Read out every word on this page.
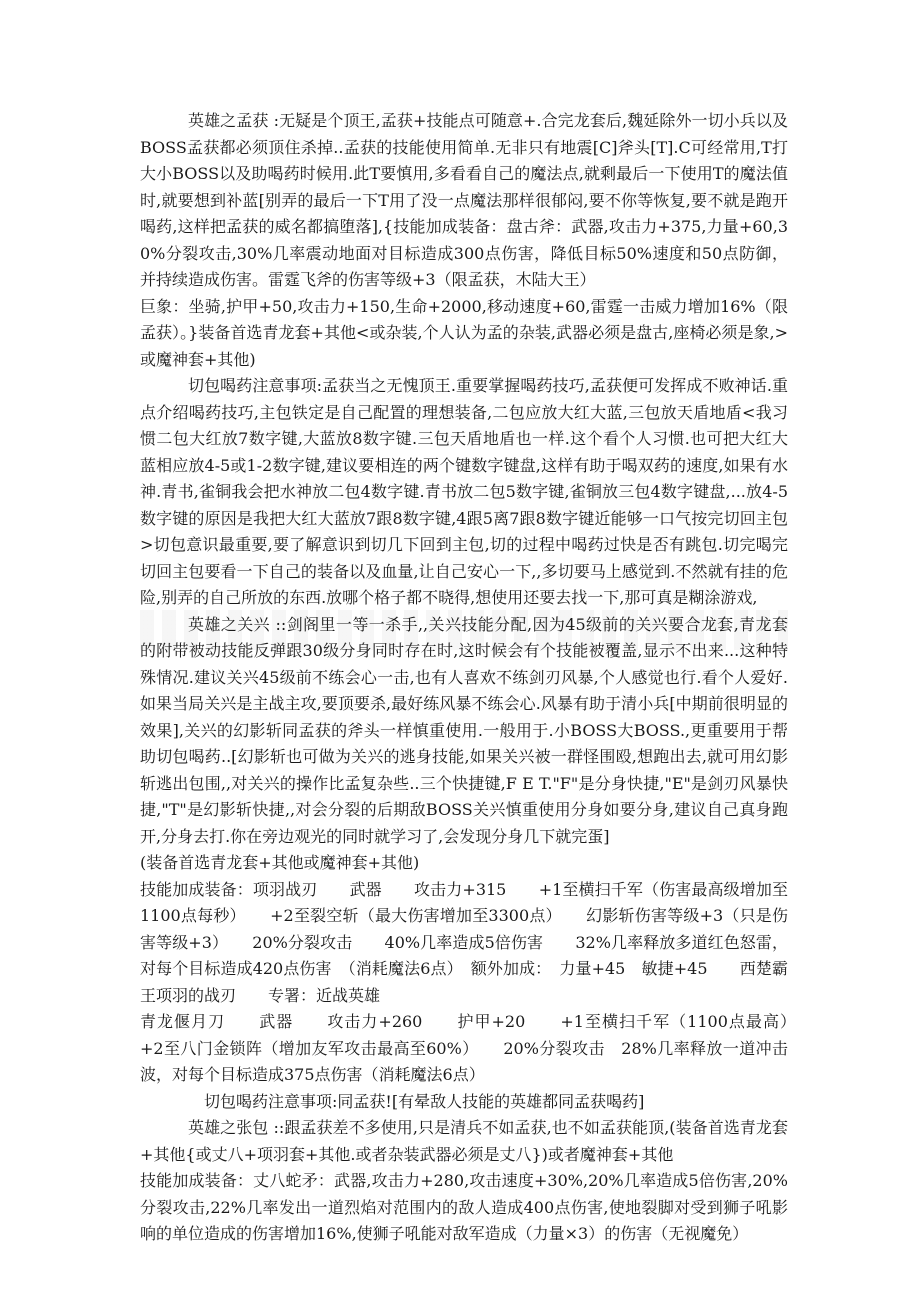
英雄之孟获 :无疑是个顶王,孟获+技能点可随意+.合完龙套后,魏延除外一切小兵以及BOSS孟获都必须顶住杀掉..孟获的技能使用简单.无非只有地震[C]斧头[T].C可经常用,T打大小BOSS以及助喝药时候用.此T要慎用,多看看自己的魔法点,就剩最后一下使用T的魔法值时,就要想到补蓝[别弄的最后一下T用了没一点魔法那样很郁闷,要不你等恢复,要不就是跑开喝药,这样把孟获的威名都搞堕落],{技能加成装备：盘古斧：武器,攻击力+375,力量+60,30%分裂攻击,30%几率震动地面对目标造成300点伤害，降低目标50%速度和50点防御，并持续造成伤害。雷霆飞斧的伤害等级+3（限孟获，木陆大王）

巨象：坐骑,护甲+50,攻击力+150,生命+2000,移动速度+60,雷霆一击威力增加16%（限孟获）。}装备首选青龙套+其他<或杂装,个人认为孟的杂装,武器必须是盘古,座椅必须是象,>或魔神套+其他)

切包喝药注意事项:孟获当之无愧顶王.重要掌握喝药技巧,孟获便可发挥成不败神话.重点介绍喝药技巧,主包铁定是自己配置的理想装备,二包应放大红大蓝,三包放天盾地盾<我习惯二包大红放7数字键,大蓝放8数字键.三包天盾地盾也一样.这个看个人习惯.也可把大红大蓝相应放4-5或1-2数字键,建议要相连的两个键数字键盘,这样有助于喝双药的速度,如果有水神.青书,雀铜我会把水神放二包4数字键.青书放二包5数字键,雀铜放三包4数字键盘,...放4-5数字键的原因是我把大红大蓝放7跟8数字键,4跟5离7跟8数字键近能够一口气按完切回主包>切包意识最重要,要了解意识到切几下回到主包,切的过程中喝药过快是否有跳包.切完喝完切回主包要看一下自己的装备以及血量,让自己安心一下,,多切要马上感觉到.不然就有挂的危险,别弄的自己所放的东西.放哪个格子都不晓得,想使用还要去找一下,那可真是糊涂游戏,

英雄之关兴 ::剑阁里一等一杀手,,关兴技能分配,因为45级前的关兴要合龙套,青龙套的附带被动技能反弹跟30级分身同时存在时,这时候会有个技能被覆盖,显示不出来...这种特殊情况.建议关兴45级前不练会心一击,也有人喜欢不练剑刃风暴,个人感觉也行.看个人爱好.如果当局关兴是主战主攻,要顶要杀,最好练风暴不练会心.风暴有助于清小兵[中期前很明显的效果],关兴的幻影斩同孟获的斧头一样慎重使用.一般用于.小BOSS大BOSS.,更重要用于帮助切包喝药..[幻影斩也可做为关兴的逃身技能,如果关兴被一群怪围殴,想跑出去,就可用幻影斩逃出包围,,对关兴的操作比孟复杂些..三个快捷键,F E T."F"是分身快捷,"E"是剑刃风暴快捷,"T"是幻影斩快捷,,对会分裂的后期敌BOSS关兴慎重使用分身如要分身,建议自己真身跑开,分身去打.你在旁边观光的同时就学习了,会发现分身几下就完蛋]

(装备首选青龙套+其他或魔神套+其他)

技能加成装备：项羽战刃　　武器　　攻击力+315　　+1至横扫千军（伤害最高级增加至1100点每秒）　　+2至裂空斩（最大伤害增加至3300点）　　幻影斩伤害等级+3（只是伤害等级+3）　　20%分裂攻击　　40%几率造成5倍伤害　　32%几率释放多道红色怒雷，对每个目标造成420点伤害　（消耗魔法6点）　额外加成：　力量+45　敏捷+45　　西楚霸王项羽的战刃　　专署：近战英雄

青龙偃月刀　　武器　　攻击力+260　　护甲+20　　+1至横扫千军（1100点最高）　　+2至八门金锁阵（增加友军攻击最高至60%）　　20%分裂攻击　28%几率释放一道冲击波，对每个目标造成375点伤害（消耗魔法6点）

切包喝药注意事项:同孟获![有晕敌人技能的英雄都同孟获喝药]

英雄之张包 ::跟孟获差不多使用,只是清兵不如孟获,也不如孟获能顶,(装备首选青龙套+其他{或丈八+项羽套+其他.或者杂装武器必须是丈八})或者魔神套+其他

技能加成装备：丈八蛇矛：武器,攻击力+280,攻击速度+30%,20%几率造成5倍伤害,20%分裂攻击,22%几率发出一道烈焰对范围内的敌人造成400点伤害,使地裂脚对受到狮子吼影响的单位造成的伤害增加16%,使狮子吼能对敌军造成（力量×3）的伤害（无视魔免）
